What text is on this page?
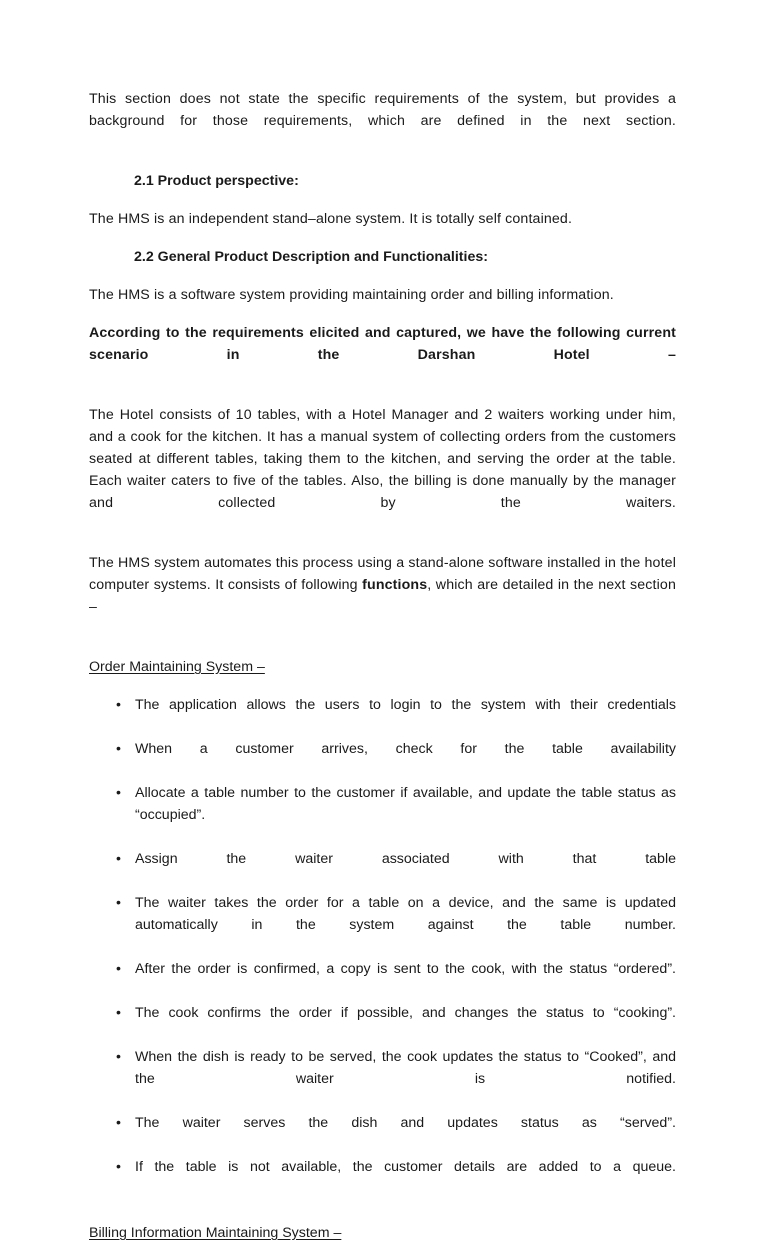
This section does not state the specific requirements of the system, but provides a background for those requirements, which are defined in the next section.

2.1 Product perspective:

The HMS is an independent stand–alone system. It is totally self contained.

2.2 General Product Description and Functionalities:

The HMS is a software system providing maintaining order and billing information.

According to the requirements elicited and captured, we have the following current scenario in the Darshan Hotel –

The Hotel consists of 10 tables, with a Hotel Manager and 2 waiters working under him, and a cook for the kitchen. It has a manual system of collecting orders from the customers seated at different tables, taking them to the kitchen, and serving the order at the table. Each waiter caters to five of the tables. Also, the billing is done manually by the manager and collected by the waiters.

The HMS system automates this process using a stand-alone software installed in the hotel computer systems. It consists of following functions, which are detailed in the next section –

Order Maintaining System –

• The application allows the users to login to the system with their credentials
• When a customer arrives, check for the table availability
• Allocate a table number to the customer if available, and update the table status as “occupied”.
• Assign the waiter associated with that table
• The waiter takes the order for a table on a device, and the same is updated automatically in the system against the table number.
• After the order is confirmed, a copy is sent to the cook, with the status “ordered”.
• The cook confirms the order if possible, and changes the status to “cooking”.
• When the dish is ready to be served, the cook updates the status to “Cooked”, and the waiter is notified.
• The waiter serves the dish and updates status as “served”.
• If the table is not available, the customer details are added to a queue.

Billing Information Maintaining System –
